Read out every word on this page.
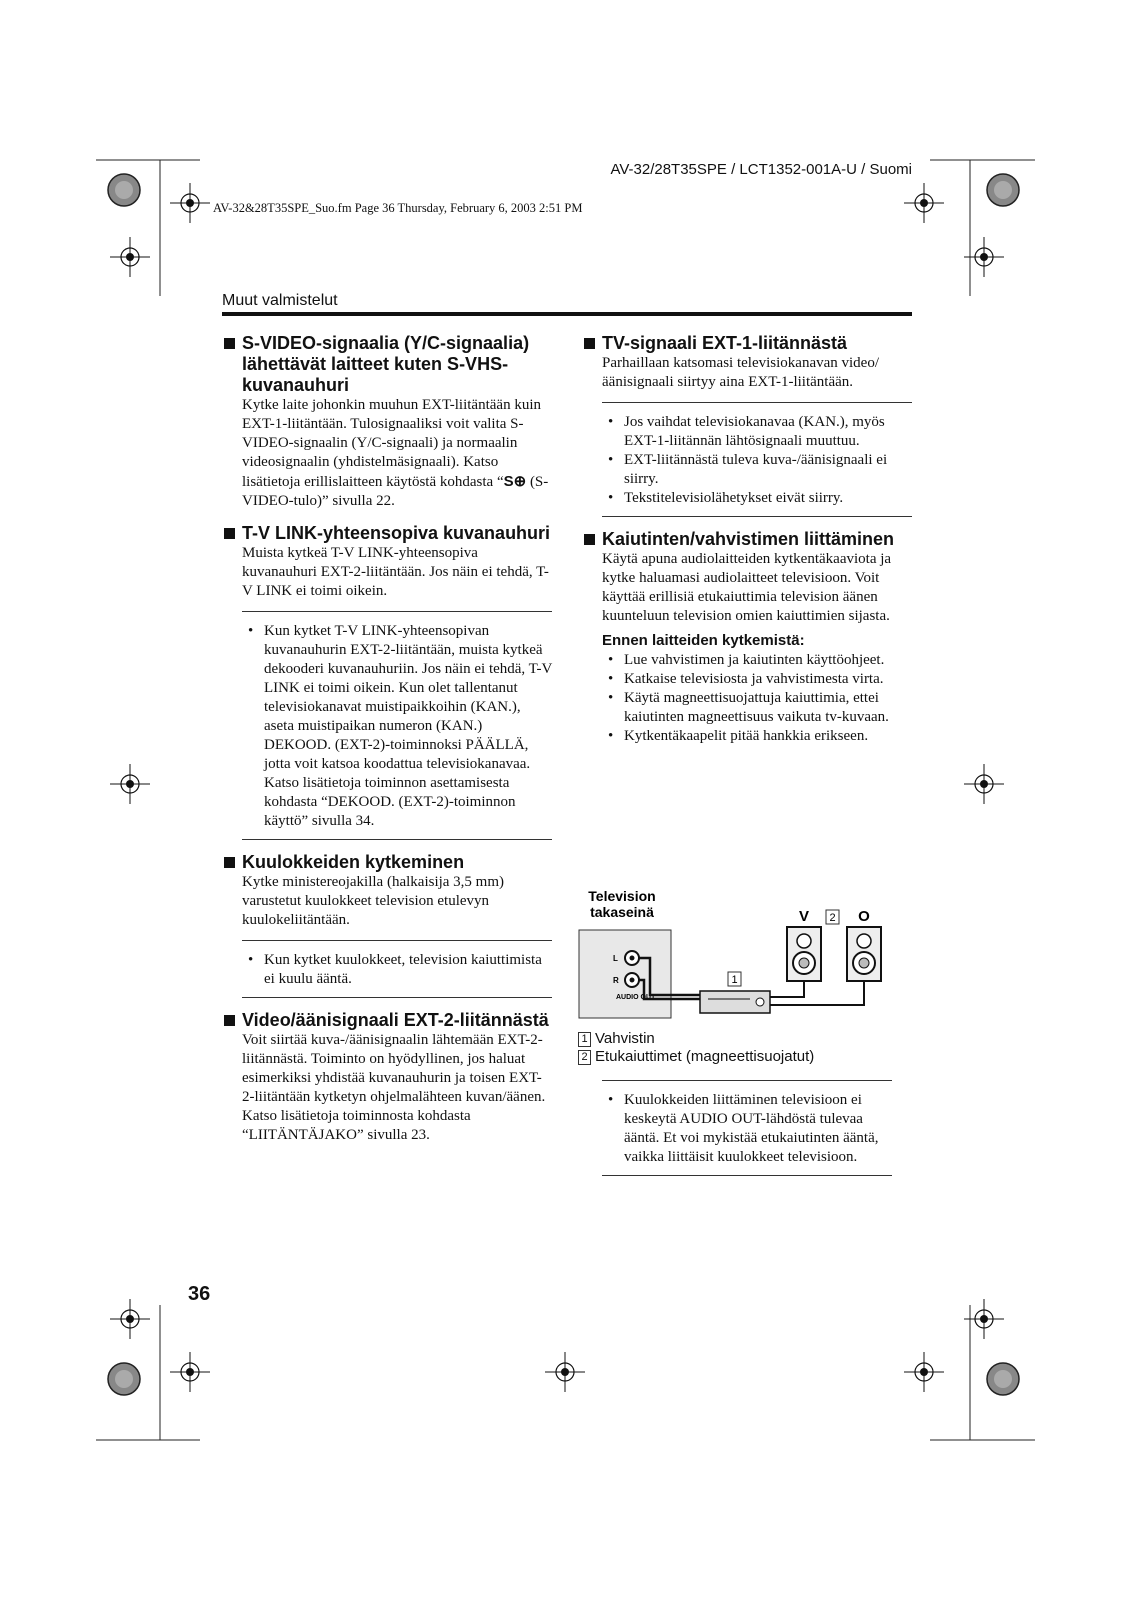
AV-32/28T35SPE / LCT1352-001A-U / Suomi
AV-32&28T35SPE_Suo.fm Page 36 Thursday, February 6, 2003 2:51 PM
Muut valmistelut
S-VIDEO-signaalia (Y/C-signaalia) lähettävät laitteet kuten S-VHS-kuvanauhuri

Kytke laite johonkin muuhun EXT-liitäntään kuin EXT-1-liitäntään. Tulosignaaliksi voit valita S-VIDEO-signaalin (Y/C-signaali) ja normaalin videosignaalin (yhdistelmäsignaali). Katso lisätietoja erillislaitteen käytöstä kohdasta “S⊕ (S-VIDEO-tulo)” sivulla 22.

T-V LINK-yhteensopiva kuvanauhuri

Muista kytkeä T-V LINK-yhteensopiva kuvanauhuri EXT-2-liitäntään. Jos näin ei tehdä, T-V LINK ei toimi oikein.

• Kun kytket T-V LINK-yhteensopivan kuvanauhurin EXT-2-liitäntään, muista kytkeä dekooderi kuvanauhuriin. Jos näin ei tehdä, T-V LINK ei toimi oikein. Kun olet tallentanut televisiokanavat muistipaikkoihin (KAN.), aseta muistipaikan numeron (KAN.) DEKOOD. (EXT-2)-toiminnoksi PÄÄLLÄ, jotta voit katsoa koodattua televisiokanavaa. Katso lisätietoja toiminnon asettamisesta kohdasta “DEKOOD. (EXT-2)-toiminnon käyttö” sivulla 34.
Kuulokkeiden kytkeminen

Kytke ministereojakilla (halkaisija 3,5 mm) varustetut kuulokkeet television etulevyn kuulokeliitäntään.

• Kun kytket kuulokkeet, television kaiuttimista ei kuulu ääntä.
Video/äänisignaali EXT-2-liitännästä

Voit siirtää kuva-/äänisignaalin lähtemään EXT-2-liitännästä. Toiminto on hyödyllinen, jos haluat esimerkiksi yhdistää kuvanauhurin ja toisen EXT-2-liitäntään kytketyn ohjelmalähteen kuvan/äänen. Katso lisätietoja toiminnosta kohdasta “LIITÄNTÄJAKO” sivulla 23.

TV-signaali EXT-1-liitännästä

Parhaillaan katsomasi televisiokanavan video/äänisignaali siirtyy aina EXT-1-liitäntään.

• Jos vaihdat televisiokanavaa (KAN.), myös EXT-1-liitännän lähtösignaali muuttuu.
• EXT-liitännästä tuleva kuva-/äänisignaali ei siirry.
• Tekstitelevisiolähetykset eivät siirry.
Kaiutinten/vahvistimen liittäminen

Käytä apuna audiolaitteiden kytkentäkaaviota ja kytke haluamasi audiolaitteet televisioon. Voit käyttää erillisiä etukaiuttimia television äänen kuunteluun television omien kaiuttimien sijasta.

Ennen laitteiden kytkemistä:
• Lue vahvistimen ja kaiutinten käyttöohjeet.
• Katkaise televisiosta ja vahvistimesta virta.
• Käytä magneettisuojattuja kaiuttimia, ettei kaiutinten magneettisuus vaikuta tv-kuvaan.
• Kytkentäkaapelit pitää hankkia erikseen.
Television
takaseinä	V 2 O
L
R
AUDIO OUT
1
1 Vahvistin
2 Etukaiuttimet (magneettisuojatut)
• Kuulokkeiden liittäminen televisioon ei keskeytä AUDIO OUT-lähdöstä tulevaa ääntä. Et voi mykistää etukaiutinten ääntä, vaikka liittäisit kuulokkeet televisioon.
36
